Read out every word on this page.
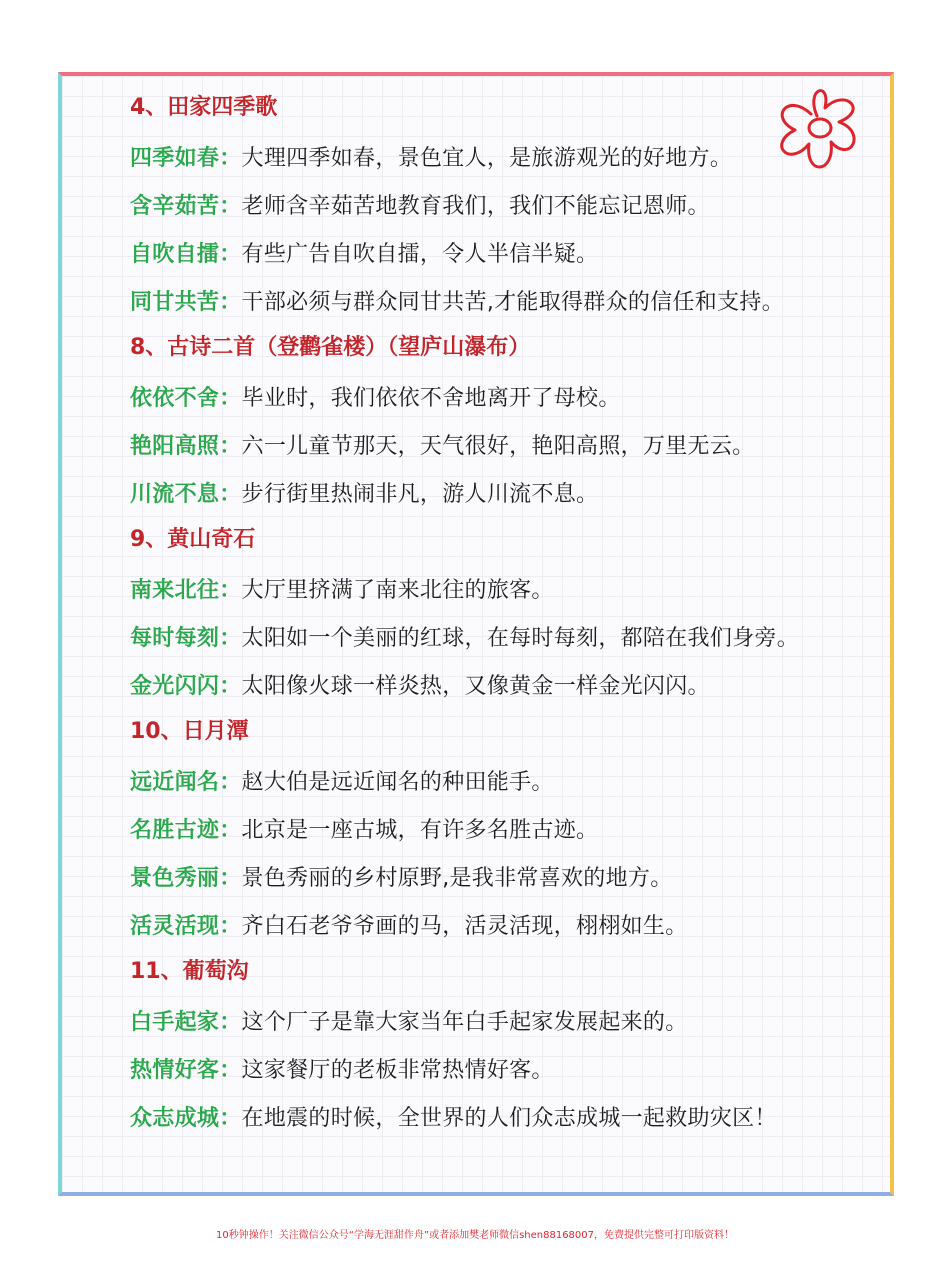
4、田家四季歌
四季如春：大理四季如春，景色宜人，是旅游观光的好地方。
含辛茹苦：老师含辛茹苦地教育我们，我们不能忘记恩师。
自吹自擂：有些广告自吹自擂，令人半信半疑。
同甘共苦：干部必须与群众同甘共苦,才能取得群众的信任和支持。
8、古诗二首（登鹳雀楼）（望庐山瀑布）
依依不舍：毕业时，我们依依不舍地离开了母校。
艳阳高照：六一儿童节那天，天气很好，艳阳高照，万里无云。
川流不息：步行街里热闹非凡，游人川流不息。
9、黄山奇石
南来北往：大厅里挤满了南来北往的旅客。
每时每刻：太阳如一个美丽的红球，在每时每刻，都陪在我们身旁。
金光闪闪：太阳像火球一样炎热，又像黄金一样金光闪闪。
10、日月潭
远近闻名：赵大伯是远近闻名的种田能手。
名胜古迹：北京是一座古城，有许多名胜古迹。
景色秀丽：景色秀丽的乡村原野,是我非常喜欢的地方。
活灵活现：齐白石老爷爷画的马，活灵活现，栩栩如生。
11、葡萄沟
白手起家：这个厂子是靠大家当年白手起家发展起来的。
热情好客：这家餐厅的老板非常热情好客。
众志成城：在地震的时候，全世界的人们众志成城一起救助灾区！
10秒钟操作！关注微信公众号“学海无涯甜作舟”或者添加樊老师微信shen88168007，免费提供完整可打印版资料！
